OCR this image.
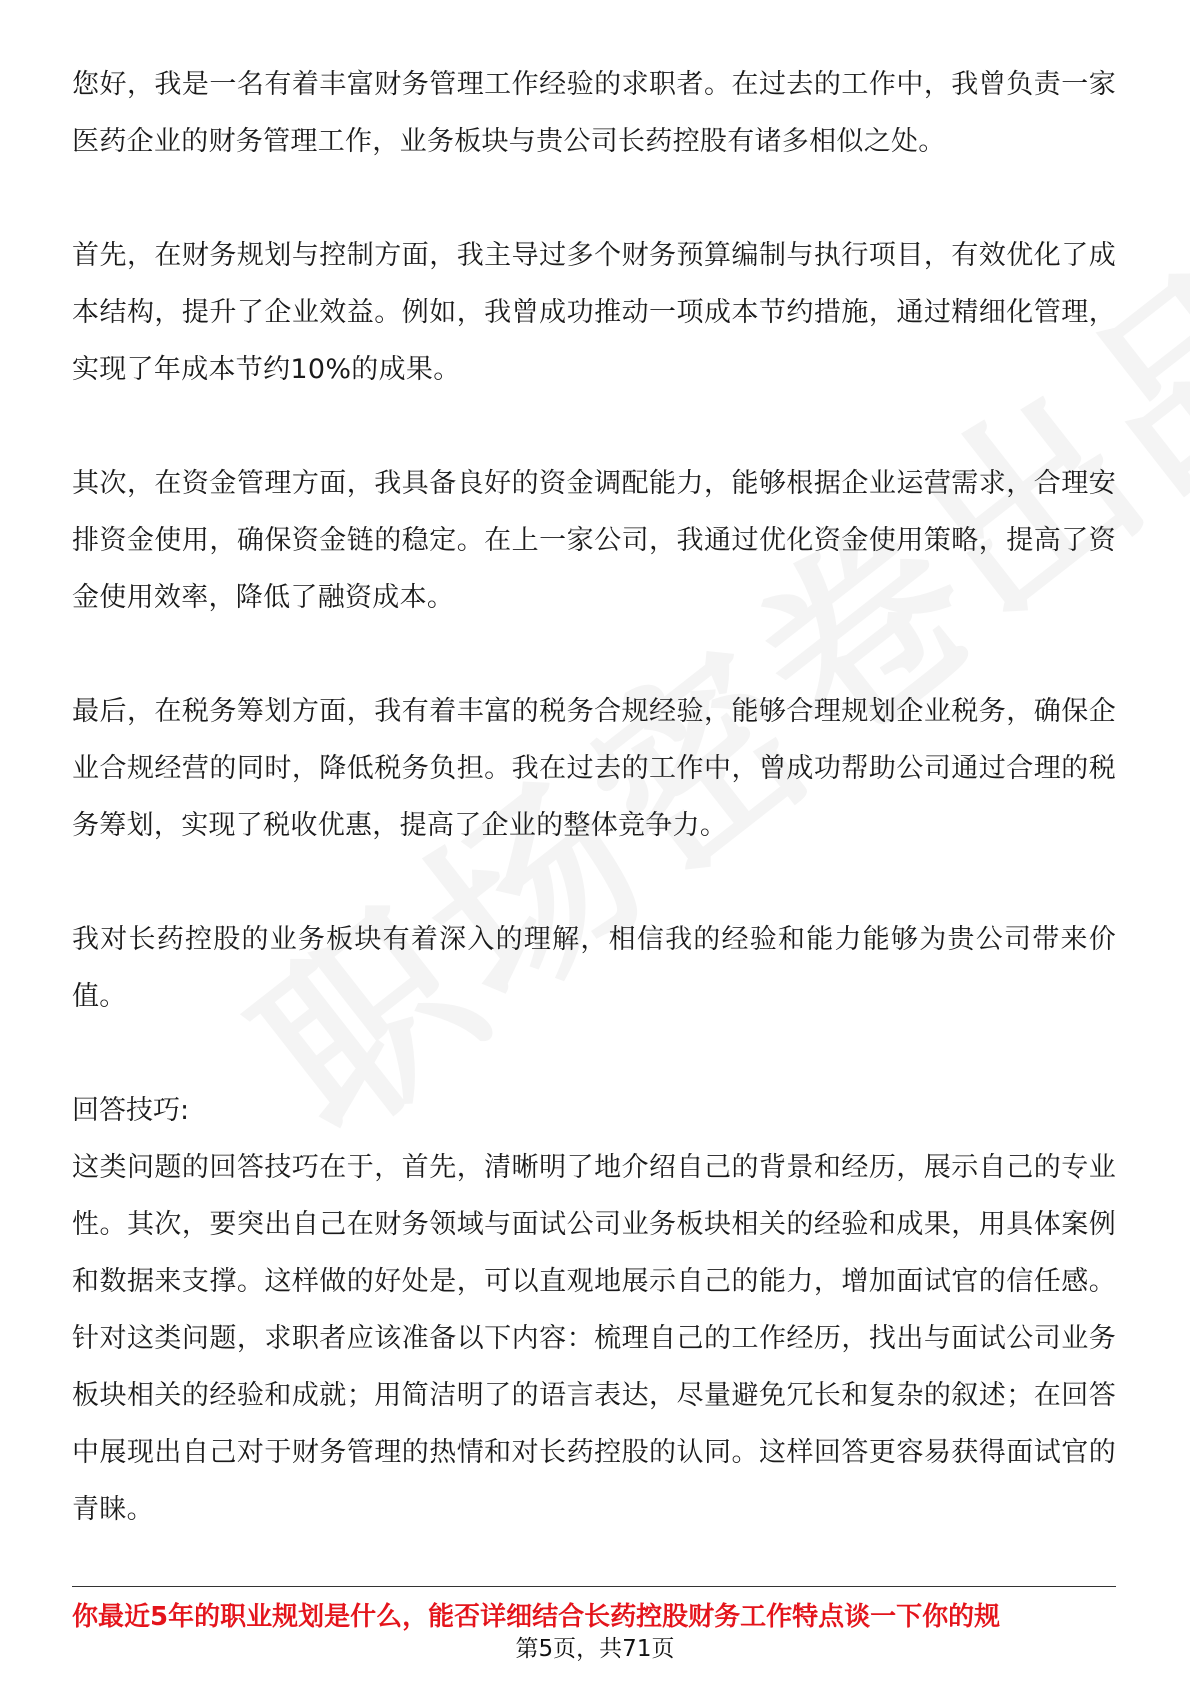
您好，我是一名有着丰富财务管理工作经验的求职者。在过去的工作中，我曾负责一家医药企业的财务管理工作，业务板块与贵公司长药控股有诸多相似之处。

首先，在财务规划与控制方面，我主导过多个财务预算编制与执行项目，有效优化了成本结构，提升了企业效益。例如，我曾成功推动一项成本节约措施，通过精细化管理，实现了年成本节约10%的成果。

其次，在资金管理方面，我具备良好的资金调配能力，能够根据企业运营需求，合理安排资金使用，确保资金链的稳定。在上一家公司，我通过优化资金使用策略，提高了资金使用效率，降低了融资成本。

最后，在税务筹划方面，我有着丰富的税务合规经验，能够合理规划企业税务，确保企业合规经营的同时，降低税务负担。我在过去的工作中，曾成功帮助公司通过合理的税务筹划，实现了税收优惠，提高了企业的整体竞争力。

我对长药控股的业务板块有着深入的理解，相信我的经验和能力能够为贵公司带来价值。

回答技巧:

这类问题的回答技巧在于，首先，清晰明了地介绍自己的背景和经历，展示自己的专业性。其次，要突出自己在财务领域与面试公司业务板块相关的经验和成果，用具体案例和数据来支撑。这样做的好处是，可以直观地展示自己的能力，增加面试官的信任感。针对这类问题，求职者应该准备以下内容：梳理自己的工作经历，找出与面试公司业务板块相关的经验和成就；用简洁明了的语言表达，尽量避免冗长和复杂的叙述；在回答中展现出自己对于财务管理的热情和对长药控股的认同。这样回答更容易获得面试官的青睐。

你最近5年的职业规划是什么，能否详细结合长药控股财务工作特点谈一下你的规
第5页，共71页
